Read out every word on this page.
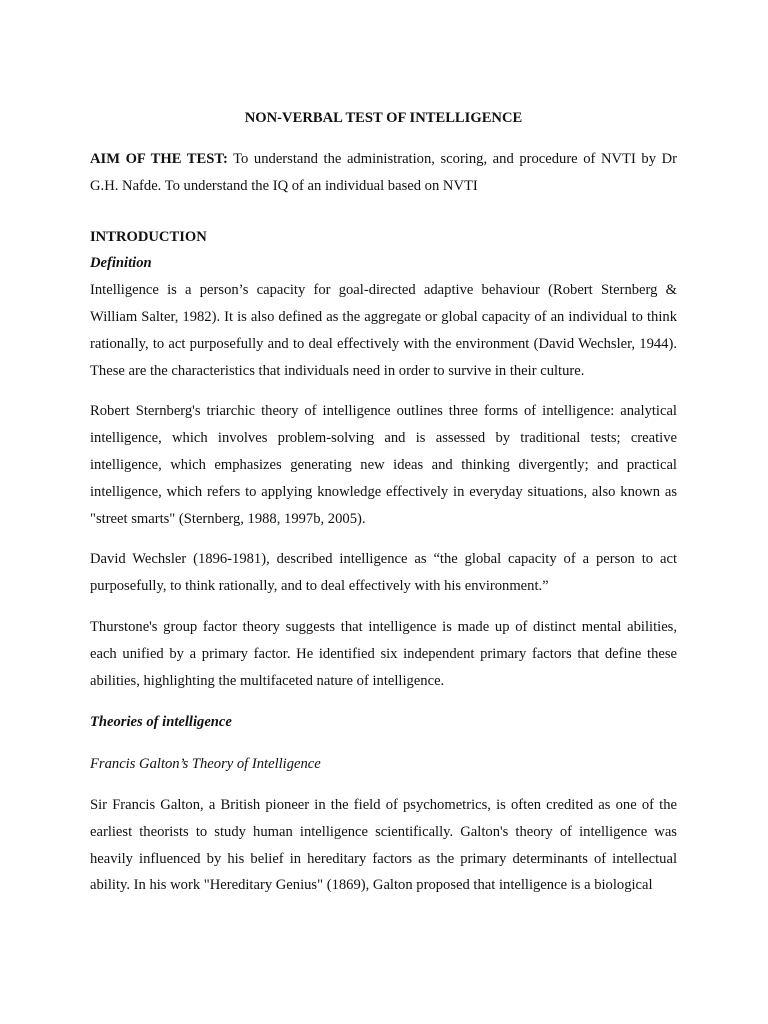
NON-VERBAL TEST OF INTELLIGENCE

AIM OF THE TEST: To understand the administration, scoring, and procedure of NVTI by Dr G.H. Nafde. To understand the IQ of an individual based on NVTI

INTRODUCTION

Definition

Intelligence is a person’s capacity for goal-directed adaptive behaviour (Robert Sternberg & William Salter, 1982). It is also defined as the aggregate or global capacity of an individual to think rationally, to act purposefully and to deal effectively with the environment (David Wechsler, 1944). These are the characteristics that individuals need in order to survive in their culture.

Robert Sternberg's triarchic theory of intelligence outlines three forms of intelligence: analytical intelligence, which involves problem-solving and is assessed by traditional tests; creative intelligence, which emphasizes generating new ideas and thinking divergently; and practical intelligence, which refers to applying knowledge effectively in everyday situations, also known as "street smarts" (Sternberg, 1988, 1997b, 2005).

David Wechsler (1896-1981), described intelligence as “the global capacity of a person to act purposefully, to think rationally, and to deal effectively with his environment.”

Thurstone's group factor theory suggests that intelligence is made up of distinct mental abilities, each unified by a primary factor. He identified six independent primary factors that define these abilities, highlighting the multifaceted nature of intelligence.

Theories of intelligence

Francis Galton’s Theory of Intelligence

Sir Francis Galton, a British pioneer in the field of psychometrics, is often credited as one of the earliest theorists to study human intelligence scientifically. Galton's theory of intelligence was heavily influenced by his belief in hereditary factors as the primary determinants of intellectual ability. In his work "Hereditary Genius" (1869), Galton proposed that intelligence is a biological
